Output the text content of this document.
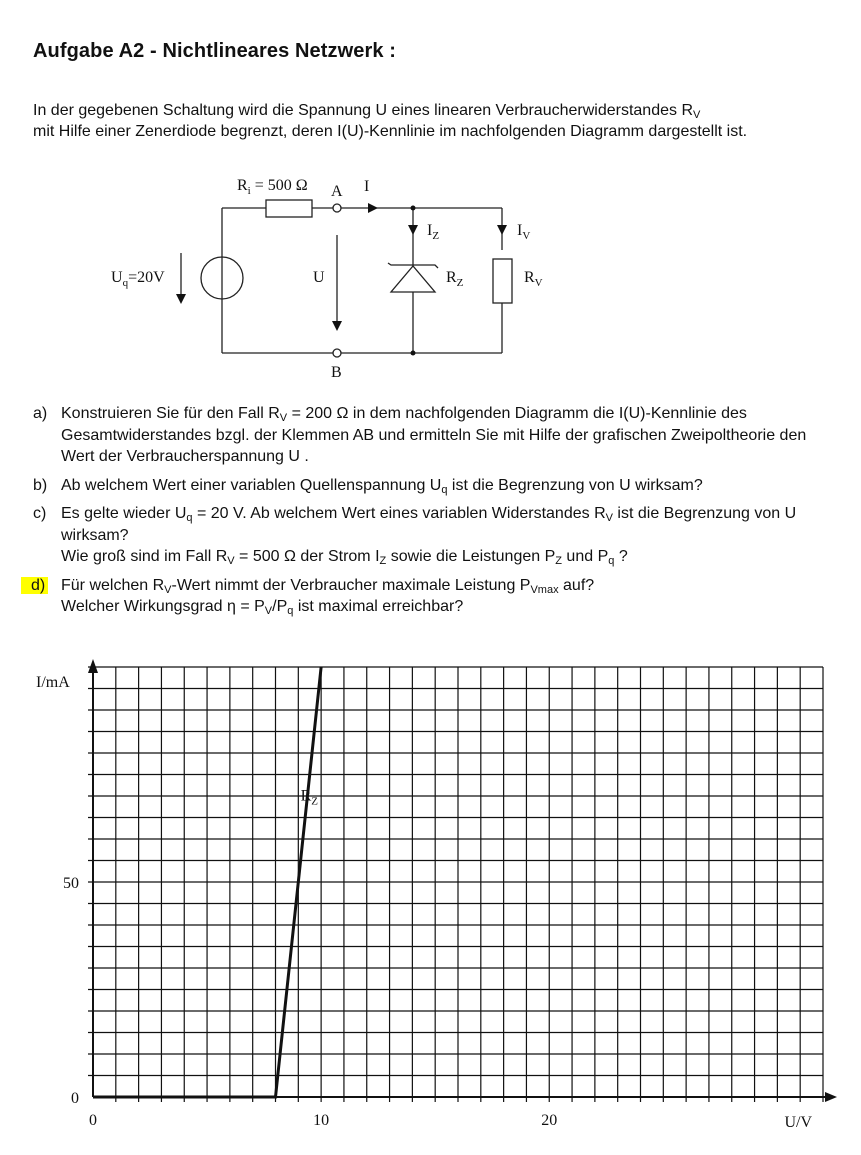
Aufgabe A2 - Nichtlineares Netzwerk :
In der gegebenen Schaltung wird die Spannung U eines linearen Verbraucherwiderstandes $R_V$
mit Hilfe einer Zenerdiode begrenzt, deren I(U)-Kennlinie im nachfolgenden Diagramm dargestellt ist.
$R_i = 500$ Ω A I
$I_Z$	$I_V$
$U_q=20V$	U	$R_Z$	$R_V$
B
a) Konstruieren Sie für den Fall $R_V = 200$ Ω in dem nachfolgenden Diagramm die I(U)-Kennlinie des Gesamtwiderstandes bzgl. der Klemmen AB und ermitteln Sie mit Hilfe der grafischen Zweipoltheorie den Wert der Verbraucherspannung U .
b) Ab welchem Wert einer variablen Quellenspannung $U_q$ ist die Begrenzung von U wirksam?
c) Es gelte wieder $U_q = 20$ V. Ab welchem Wert eines variablen Widerstandes $R_V$ ist die Begrenzung von U wirksam?
Wie groß sind im Fall $R_V = 500$ Ω der Strom $I_Z$ sowie die Leistungen $P_Z$ und $P_q$ ?
d) Für welchen $R_V$-Wert nimmt der Verbraucher maximale Leistung $P_{Vmax}$ auf?
Welcher Wirkungsgrad $\eta = P_V/P_q$ ist maximal erreichbar?
$R_Z$
0	10	20
0
50
U/V
I/mA
